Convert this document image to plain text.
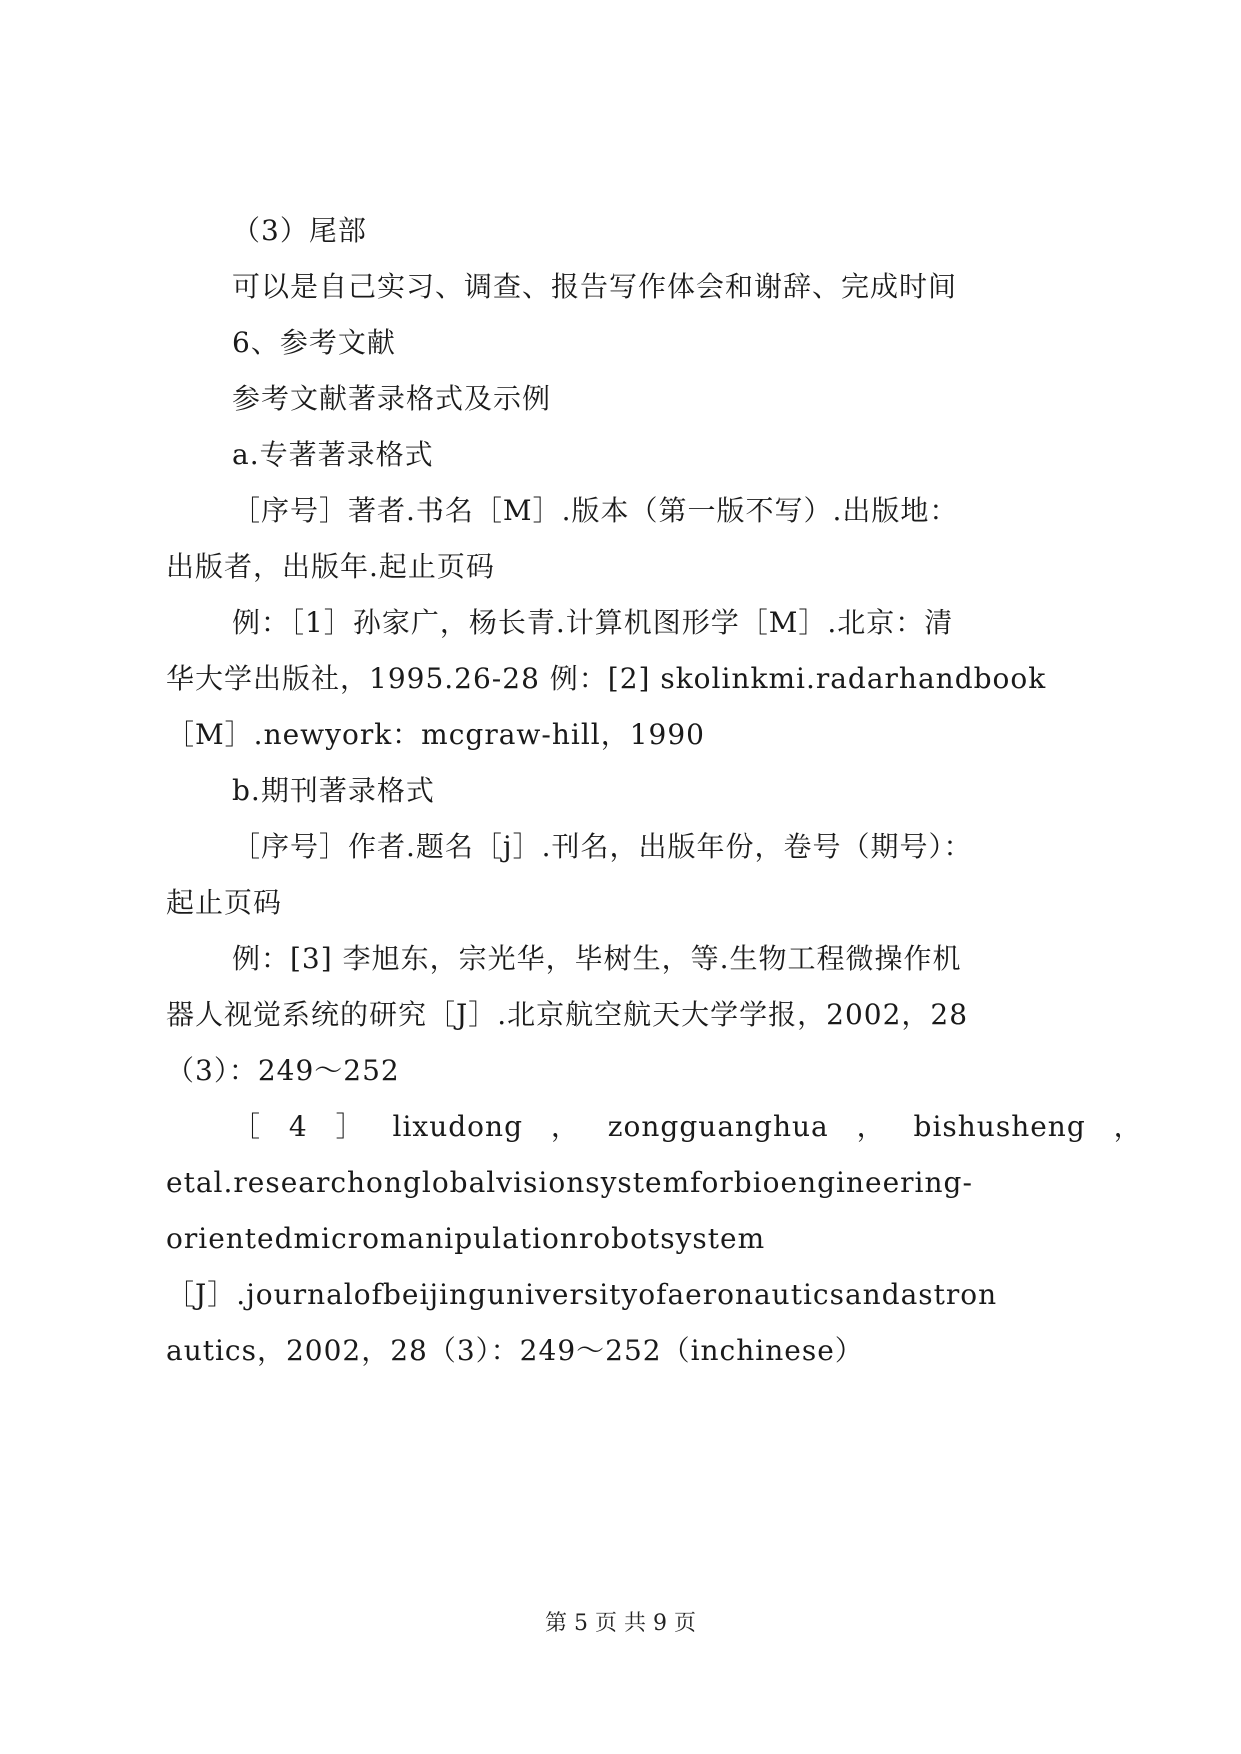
（3）尾部
可以是自己实习、调查、报告写作体会和谢辞、完成时间
6、参考文献
参考文献著录格式及示例
a.专著著录格式
［序号］著者.书名［M］.版本（第一版不写）.出版地：
出版者，出版年.起止页码
例：［1］孙家广，杨长青.计算机图形学［M］.北京：清
华大学出版社，1995.26-28 例：[2] skolinkmi.radarhandbook
［M］.newyork：mcgraw-hill，1990
b.期刊著录格式
［序号］作者.题名［j］.刊名，出版年份，卷号（期号）：
起止页码
例：[3] 李旭东，宗光华，毕树生，等.生物工程微操作机
器人视觉系统的研究［J］.北京航空航天大学学报，2002，28
（3）：249～252
［ 4 ］ lixudong ， zongguanghua ， bishusheng ，
etal.researchonglobalvisionsystemforbioengineering-
orientedmicromanipulationrobotsystem
［J］.journalofbeijinguniversityofaeronauticsandastron
autics，2002，28（3）：249～252（inchinese）
第 5 页 共 9 页
